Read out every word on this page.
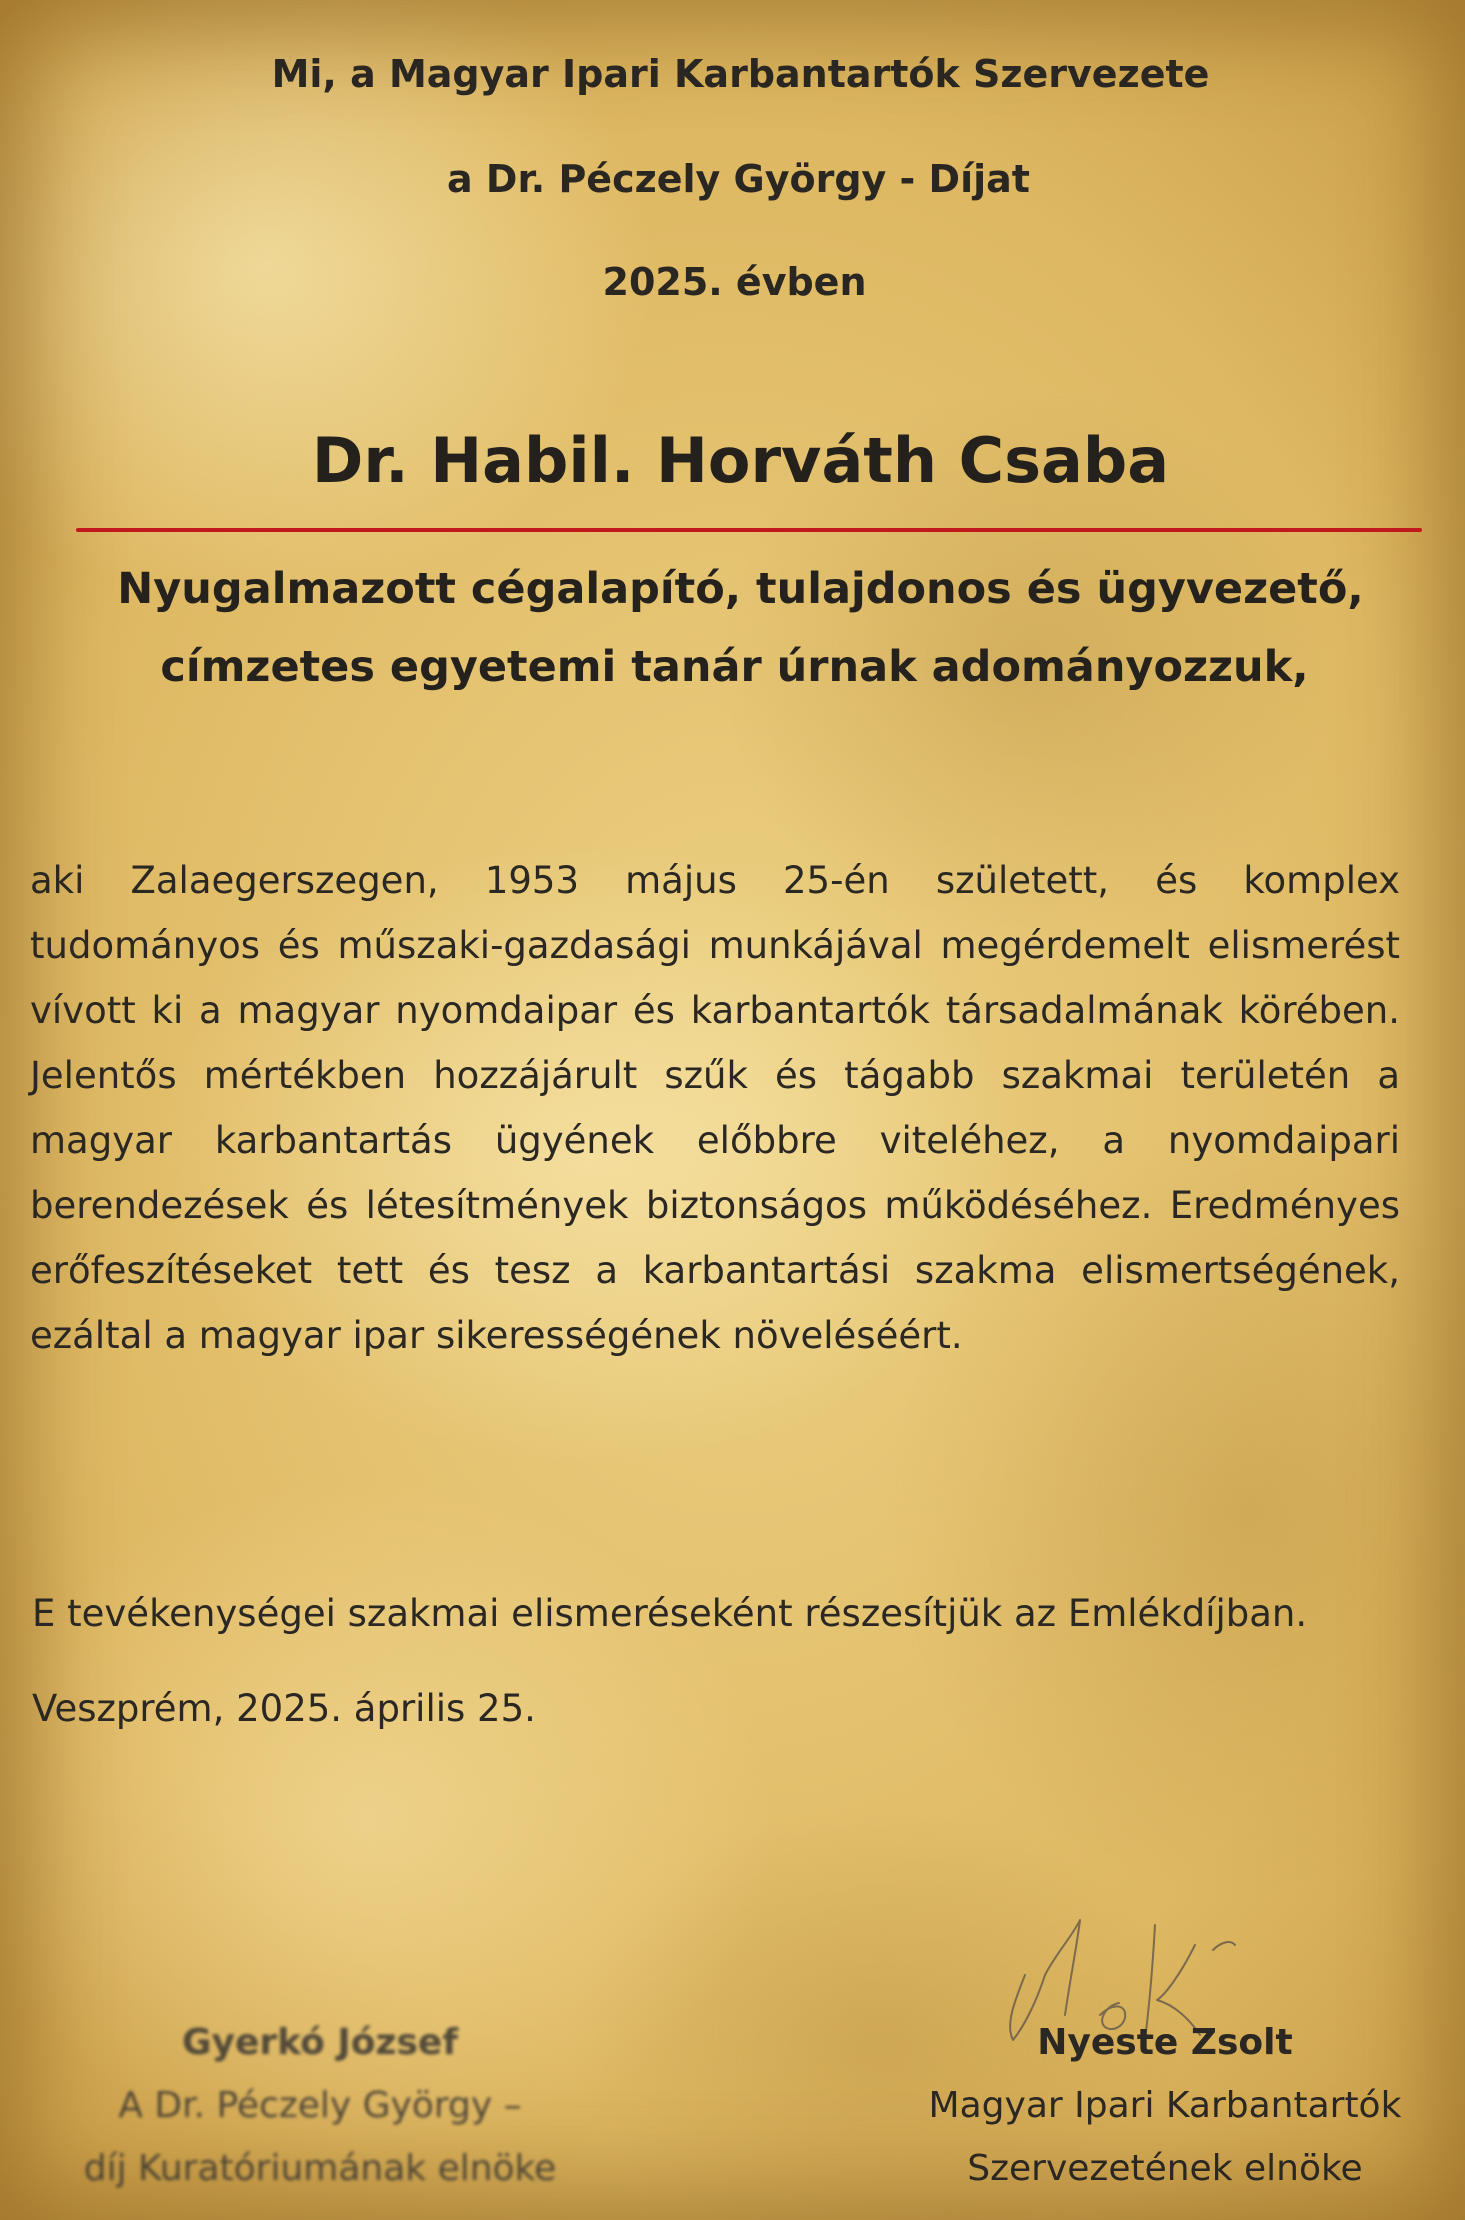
Mi, a Magyar Ipari Karbantartók Szervezete
a Dr. Péczely György - Díjat
2025. évben
Dr. Habil. Horváth Csaba
Nyugalmazott cégalapító, tulajdonos és ügyvezető,
címzetes egyetemi tanár úrnak adományozzuk,

aki Zalaegerszegen, 1953 május 25-én született, és komplex tudományos és műszaki-gazdasági munkájával megérdemelt elismerést vívott ki a magyar nyomdaipar és karbantartók társadalmának körében. Jelentős mértékben hozzájárult szűk és tágabb szakmai területén a magyar karbantartás ügyének előbbre viteléhez, a nyomdaipari berendezések és létesítmények biztonságos működéséhez. Eredményes erőfeszítéseket tett és tesz a karbantartási szakma elismertségének, ezáltal a magyar ipar sikerességének növeléséért.

E tevékenységei szakmai elismeréseként részesítjük az Emlékdíjban.

Veszprém, 2025. április 25.

Gyerkó József
A Dr. Péczely György –
díj Kuratóriumának elnöke
Nyeste Zsolt
Magyar Ipari Karbantartók
Szervezetének elnöke
